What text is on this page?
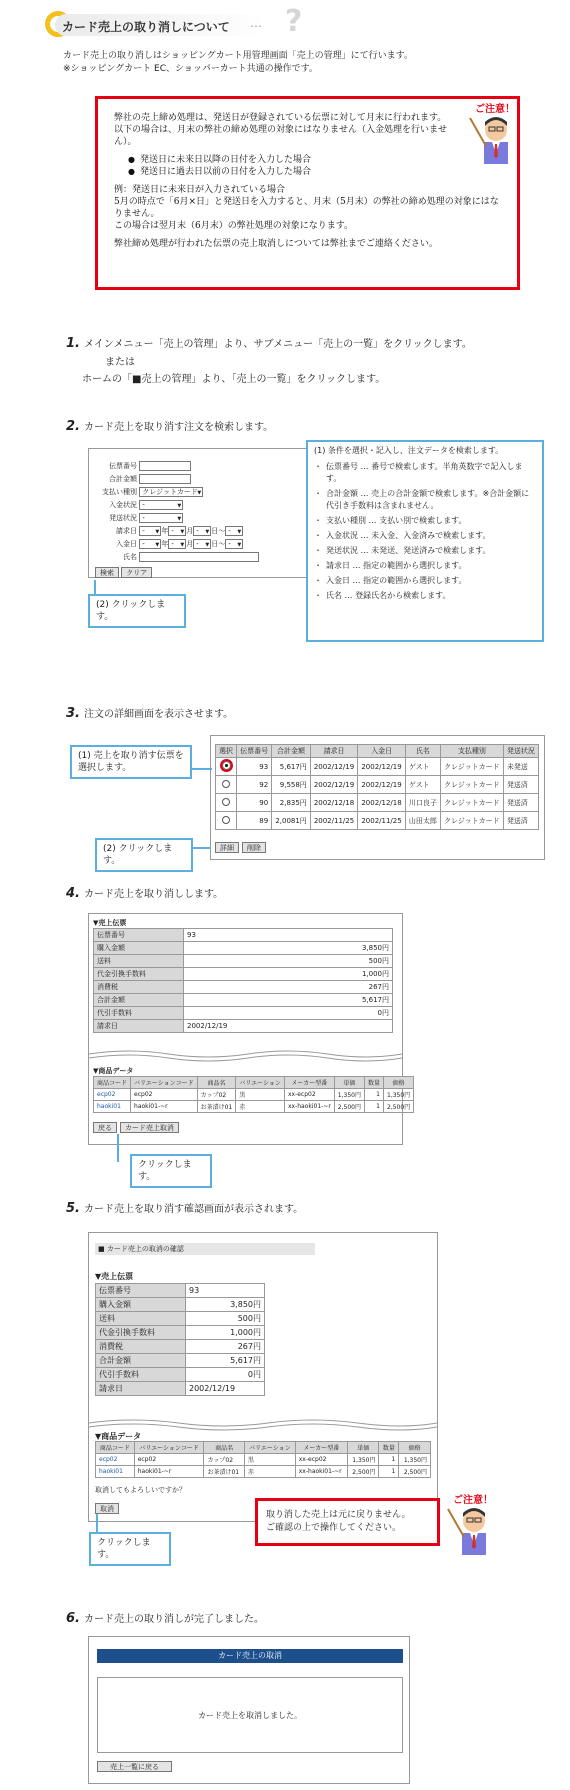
カード売上の取り消しについて … ?
カード売上の取り消しはショッピングカート用管理画面「売上の管理」にて行います。
※ショッピングカート EC、ショッパーカート共通の操作です。

弊社の売上締め処理は、発送日が登録されている伝票に対して月末に行われます。

以下の場合は、月末の弊社の締め処理の対象にはなりません（入金処理を行いません）。

● 発送日に未来日以降の日付を入力した場合
● 発送日に過去日以前の日付を入力した場合

例：発送日に未来日が入力されている場合

5月の時点で「6月×日」と発送日を入力すると、月末（5月末）の弊社の締め処理の対象にはなりません。

この場合は翌月末（6月末）の弊社処理の対象になります。

弊社締め処理が行われた伝票の売上取消しについては弊社までご連絡ください。

ご注意！
1. メインメニュー「売上の管理」より、サブメニュー「売上の一覧」をクリックします。
または
ホームの「■売上の管理」より、「売上の一覧」をクリックします。
2. カード売上を取り消す注文を検索します。
伝票番号
合計金額
支払い種別 クレジットカード ▼
入金状況 - ▼
発送状況 - ▼
請求日 - ▼ 年 - ▼ 月 - ▼ 日～ - ▼
入金日 - ▼ 年 - ▼ 月 - ▼ 日～ - ▼
氏名
検索 クリア
(2) クリックします。
(1) 条件を選択・記入し、注文データを検索します。
・ 伝票番号 … 番号で検索します。半角英数字で記入します。
・ 合計金額 … 売上の合計金額で検索します。※合計金額に代引き手数料は含まれません。
・ 支払い種別 … 支払い別で検索します。
・ 入金状況 … 未入金、入金済みで検索します。
・ 発送状況 … 未発送、発送済みで検索します。
・ 請求日 … 指定の範囲から選択します。
・ 入金日 … 指定の範囲から選択します。
・ 氏名 … 登録氏名から検索します。
3. 注文の詳細画面を表示させます。
選択	伝票番号	合計金額	請求日	入金日	氏名	支払種別	発送状況
	93	5,617円	2002/12/19	2002/12/19	ゲスト	クレジットカード	未発送
	92	9,558円	2002/12/19	2002/12/19	ゲスト	クレジットカード	発送済
	90	2,835円	2002/12/18	2002/12/18	川口良子	クレジットカード	発送済
	89	2,0081円	2002/11/25	2002/11/25	山田太郎	クレジットカード	発送済
詳細 削除
(1) 売上を取り消す伝票を選択します。
(2) クリックします。
4. カード売上を取り消しします。
▼売上伝票
伝票番号	93
購入金額	3,850円
送料	500円
代金引換手数料	1,000円
消費税	267円
合計金額	5,617円
代引手数料	0円
請求日	2002/12/19
▼商品データ
商品コード	バリエーションコード	商品名	バリエーション	メーカー型番	単価	数量	価格
ecp02	ecp02	カップ02	黒	xx-ecp02	1,350円	1	1,350円
haoki01	haoki01-~r	お茶漬け01	赤	xx-haoki01-~r	2,500円	1	2,500円
戻る カード売上取消
クリックします。
5. カード売上を取り消す確認画面が表示されます。
■ カード売上の取消の確認
▼売上伝票
伝票番号	93
購入金額	3,850円
送料	500円
代金引換手数料	1,000円
消費税	267円
合計金額	5,617円
代引手数料	0円
請求日	2002/12/19
▼商品データ
商品コード	バリエーションコード	商品名	バリエーション	メーカー型番	単価	数量	価格
ecp02	ecp02	カップ02	黒	xx-ecp02	1,350円	1	1,350円
haoki01	haoki01-~r	お茶漬け01	赤	xx-haoki01-~r	2,500円	1	2,500円
取消してもよろしいですか？
取消
クリックします。
取り消した売上は元に戻りません。
ご確認の上で操作してください。
ご注意！
6. カード売上の取り消しが完了しました。
カード売上の取消
カード売上を取消しました。
売上一覧に戻る
